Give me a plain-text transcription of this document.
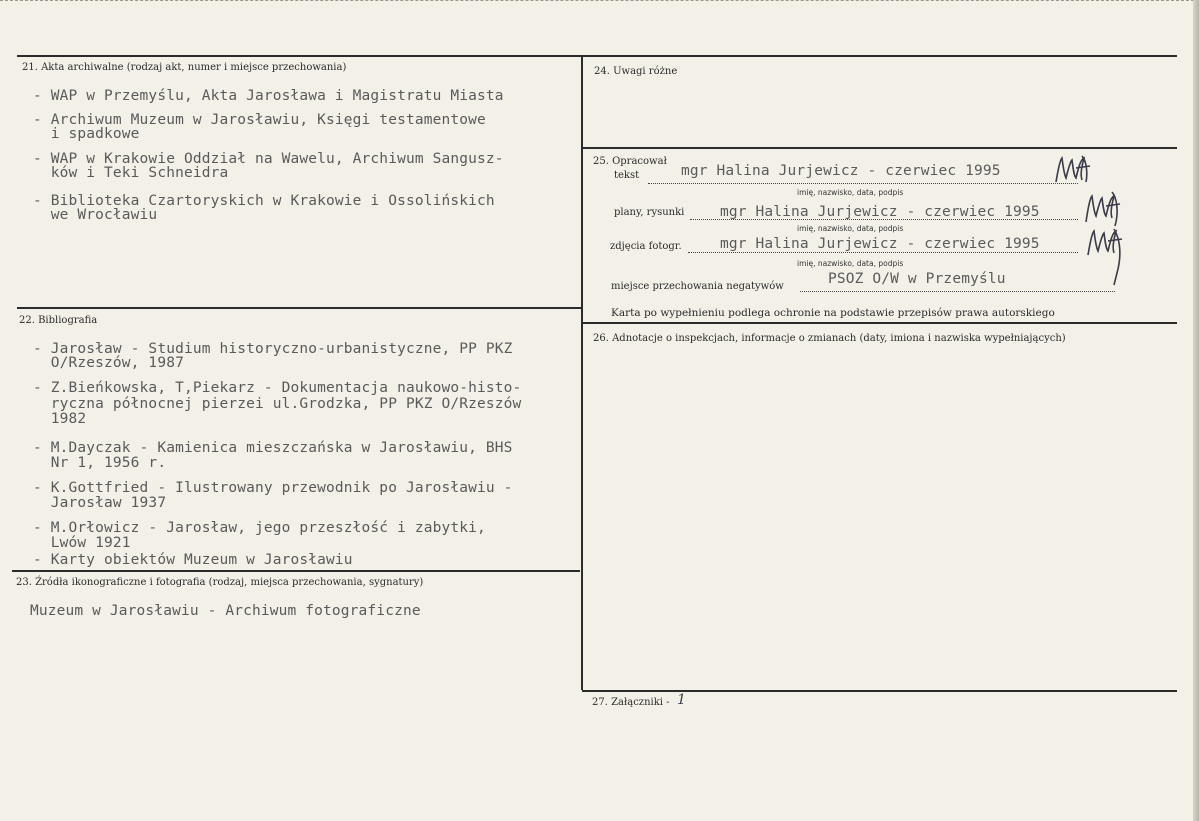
21. Akta archiwalne (rodzaj akt, numer i miejsce przechowania)
- WAP w Przemyślu, Akta Jarosława i Magistratu Miasta
- Archiwum Muzeum w Jarosławiu, Księgi testamentowe
i spadkowe
- WAP w Krakowie Oddział na Wawelu, Archiwum Sangusz-
ków i Teki Schneidra
- Biblioteka Czartoryskich w Krakowie i Ossolińskich
we Wrocławiu
22. Bibliografia
- Jarosław - Studium historyczno-urbanistyczne, PP PKZ
O/Rzeszów, 1987
- Z.Bieńkowska, T,Piekarz - Dokumentacja naukowo-histo-
ryczna północnej pierzei ul.Grodzka, PP PKZ O/Rzeszów
1982
- M.Dayczak - Kamienica mieszczańska w Jarosławiu, BHS
Nr 1, 1956 r.
- K.Gottfried - Ilustrowany przewodnik po Jarosławiu -
Jarosław 1937
- M.Orłowicz - Jarosław, jego przeszłość i zabytki,
Lwów 1921
- Karty obiektów Muzeum w Jarosławiu
23. Źródła ikonograficzne i fotografia (rodzaj, miejsca przechowania, sygnatury)
Muzeum w Jarosławiu - Archiwum fotograficzne
24. Uwagi różne
25. Opracował
tekst	mgr Halina Jurjewicz - czerwiec 1995
imię, nazwisko, data, podpis
plany, rysunki mgr Halina Jurjewicz - czerwiec 1995
imię, nazwisko, data, podpis
zdjęcia fotogr.	mgr Halina Jurjewicz - czerwiec 1995
imię, nazwisko, data, podpis
miejsce przechowania negatywów	PSOZ O/W w Przemyślu
Karta po wypełnieniu podlega ochronie na podstawie przepisów prawa autorskiego
26. Adnotacje o inspekcjach, informacje o zmianach (daty, imiona i nazwiska wypełniających)
27. Załączniki - 1
